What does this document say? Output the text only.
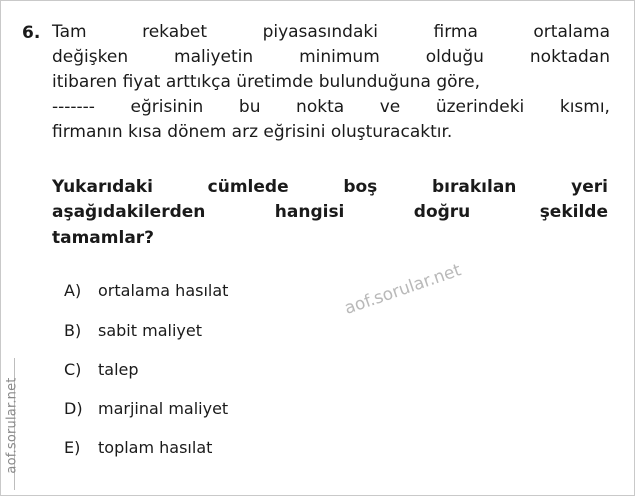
aof.sorular.net
6. Tam	rekabet	piyasasındaki	firma	ortalama
değişken	maliyetin	minimum	olduğu	noktadan
itibaren fiyat arttıkça üretimde bulunduğuna göre,
------- eğrisinin bu nokta ve üzerindeki kısmı,
firmanın kısa dönem arz eğrisini oluşturacaktır.
Yukarıdaki	cümlede	boş	bırakılan	yeri
aşağıdakilerden	hangisi	doğru	şekilde
tamamlar?
A)	ortalama hasılat
B)	sabit maliyet
C)	talep
D) marjinal maliyet
E)	toplam hasılat
aof.sorular.net
